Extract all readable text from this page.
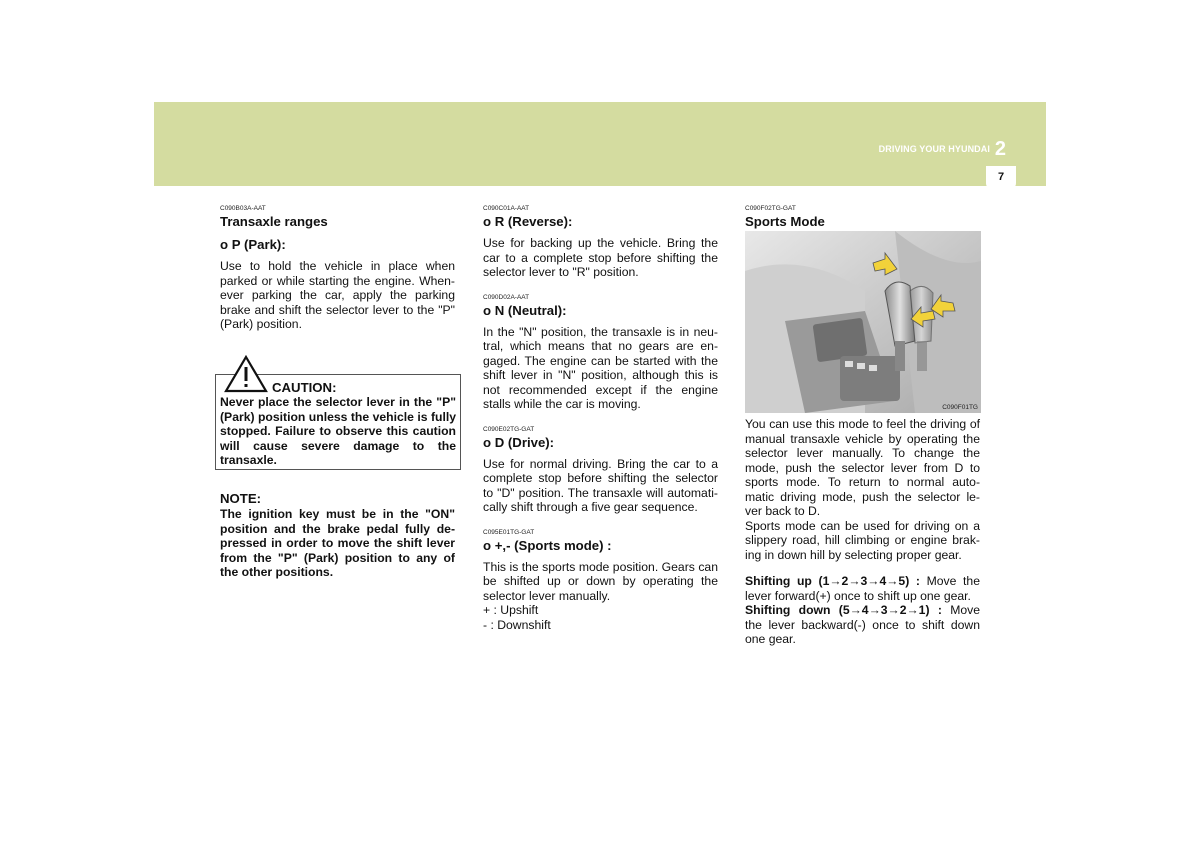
DRIVING YOUR HYUNDAI 2
7

C090B03A-AAT

Transaxle ranges

o P (Park):

Use to hold the vehicle in place when parked or while starting the engine. When-ever parking the car, apply the parking brake and shift the selector lever to the "P" (Park) position.

CAUTION:
Never place the selector lever in the "P" (Park) position unless the vehicle is fully stopped. Failure to observe this caution will cause severe damage to the transaxle.

NOTE:

The ignition key must be in the "ON" position and the brake pedal fully de-pressed in order to move the shift lever from the "P" (Park) position to any of the other positions.

C090C01A-AAT

o R (Reverse):

Use for backing up the vehicle. Bring the car to a complete stop before shifting the selector lever to "R" position.

C090D02A-AAT

o N (Neutral):

In the "N" position, the transaxle is in neu-tral, which means that no gears are en-gaged. The engine can be started with the shift lever in "N" position, although this is not recommended except if the engine stalls while the car is moving.

C090E02TG-GAT

o D (Drive):

Use for normal driving. Bring the car to a complete stop before shifting the selector to "D" position. The transaxle will automati-cally shift through a five gear sequence.

C095E01TG-GAT

o +,- (Sports mode) :

This is the sports mode position. Gears can be shifted up or down by operating the selector lever manually.

+ : Upshift

- : Downshift

C090F02TG-GAT

Sports Mode

C090F01TG

You can use this mode to feel the driving of manual transaxle vehicle by operating the selector lever manually. To change the mode, push the selector lever from D to sports mode. To return to normal auto-matic driving mode, push the selector le-ver back to D.

Sports mode can be used for driving on a slippery road, hill climbing or engine brak-ing in down hill by selecting proper gear.

Shifting up (1→2→3→4→5) : Move the lever forward(+) once to shift up one gear.

Shifting down (5→4→3→2→1) : Move the lever backward(-) once to shift down one gear.
